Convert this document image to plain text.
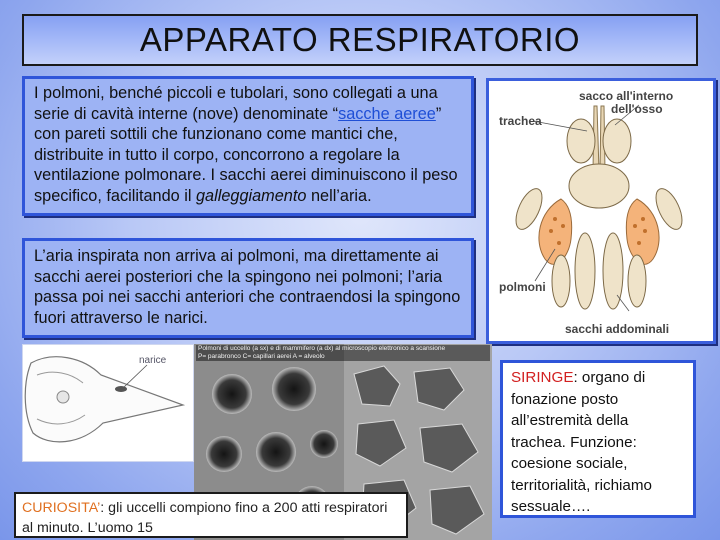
APPARATO RESPIRATORIO
I polmoni, benché piccoli e tubolari, sono collegati a una serie di cavità interne (nove) denominate “sacche aeree” con pareti sottili che funzionano come mantici che, distribuite in tutto il corpo, concorrono a regolare la ventilazione polmonare. I sacchi aerei diminuiscono il peso specifico, facilitando il galleggiamento nell’aria.
L’aria inspirata non arriva ai polmoni, ma direttamente ai sacchi aerei posteriori che la spingono nei polmoni; l’aria passa poi nei sacchi anteriori che contraendosi la spingono fuori attraverso le narici.
sacco all'interno
dell'osso
trachea
polmoni
sacchi addominali
narice
Polmoni di uccello (a sx) e di mammifero (a dx) al microscopio elettronico a scansione
P= parabronco C= capillari aerei A = alveolo
CURIOSITA’: gli uccelli compiono fino a 200 atti respiratori al minuto. L’uomo 15
SIRINGE: organo di fonazione posto all’estremità della trachea. Funzione: coesione sociale, territorialità, richiamo sessuale….
